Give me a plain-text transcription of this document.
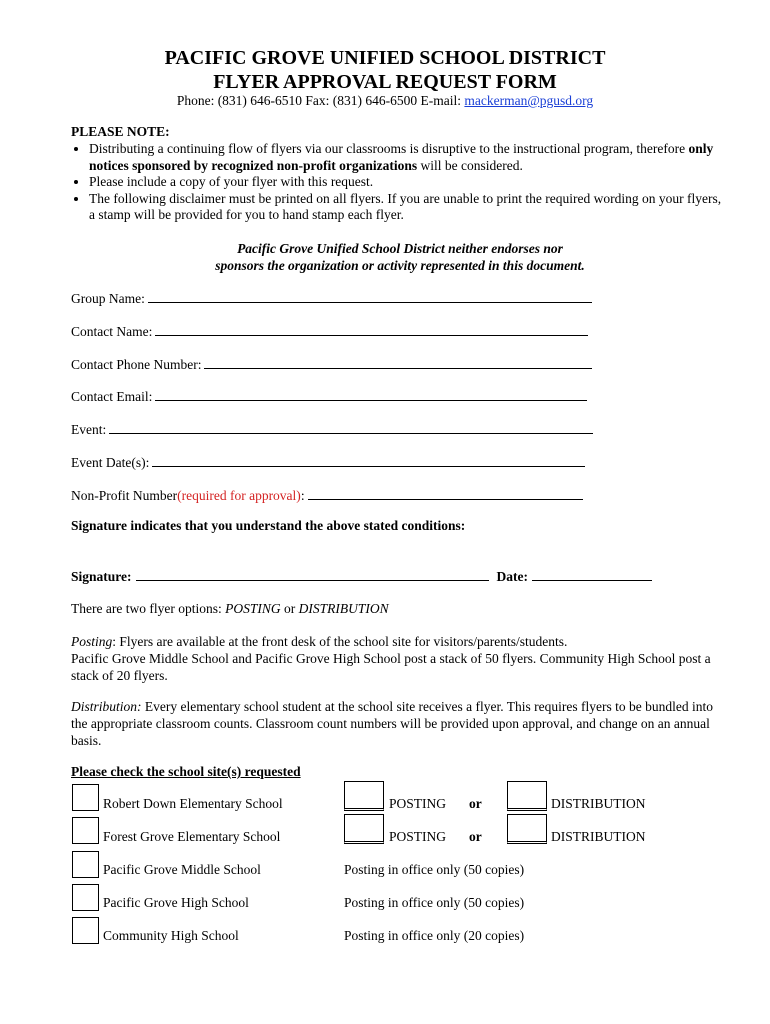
PACIFIC GROVE UNIFIED SCHOOL DISTRICT
FLYER APPROVAL REQUEST FORM
Phone: (831) 646-6510 Fax: (831) 646-6500 E-mail: mackerman@pgusd.org
PLEASE NOTE:
• Distributing a continuing flow of flyers via our classrooms is disruptive to the instructional program, therefore only notices sponsored by recognized non-profit organizations will be considered.
• Please include a copy of your flyer with this request.
• The following disclaimer must be printed on all flyers. If you are unable to print the required wording on your flyers, a stamp will be provided for you to hand stamp each flyer.
Pacific Grove Unified School District neither endorses nor
sponsors the organization or activity represented in this document.
Group Name:
Contact Name:
Contact Phone Number:
Contact Email:
Event:
Event Date(s):
Non-Profit Number (required for approval) :
Signature indicates that you understand the above stated conditions:
Signature:	Date:
There are two flyer options: POSTING or DISTRIBUTION
Posting: Flyers are available at the front desk of the school site for visitors/parents/students.
Pacific Grove Middle School and Pacific Grove High School post a stack of 50 flyers. Community High School post a stack of 20 flyers.
Distribution: Every elementary school student at the school site receives a flyer. This requires flyers to be bundled into the appropriate classroom counts. Classroom count numbers will be provided upon approval, and change on an annual basis.
Please check the school site(s) requested
Robert Down Elementary School	POSTING or	DISTRIBUTION
Forest Grove Elementary School	POSTING or	DISTRIBUTION
Pacific Grove Middle School	Posting in office only (50 copies)
Pacific Grove High School	Posting in office only (50 copies)
Community High School	Posting in office only (20 copies)
